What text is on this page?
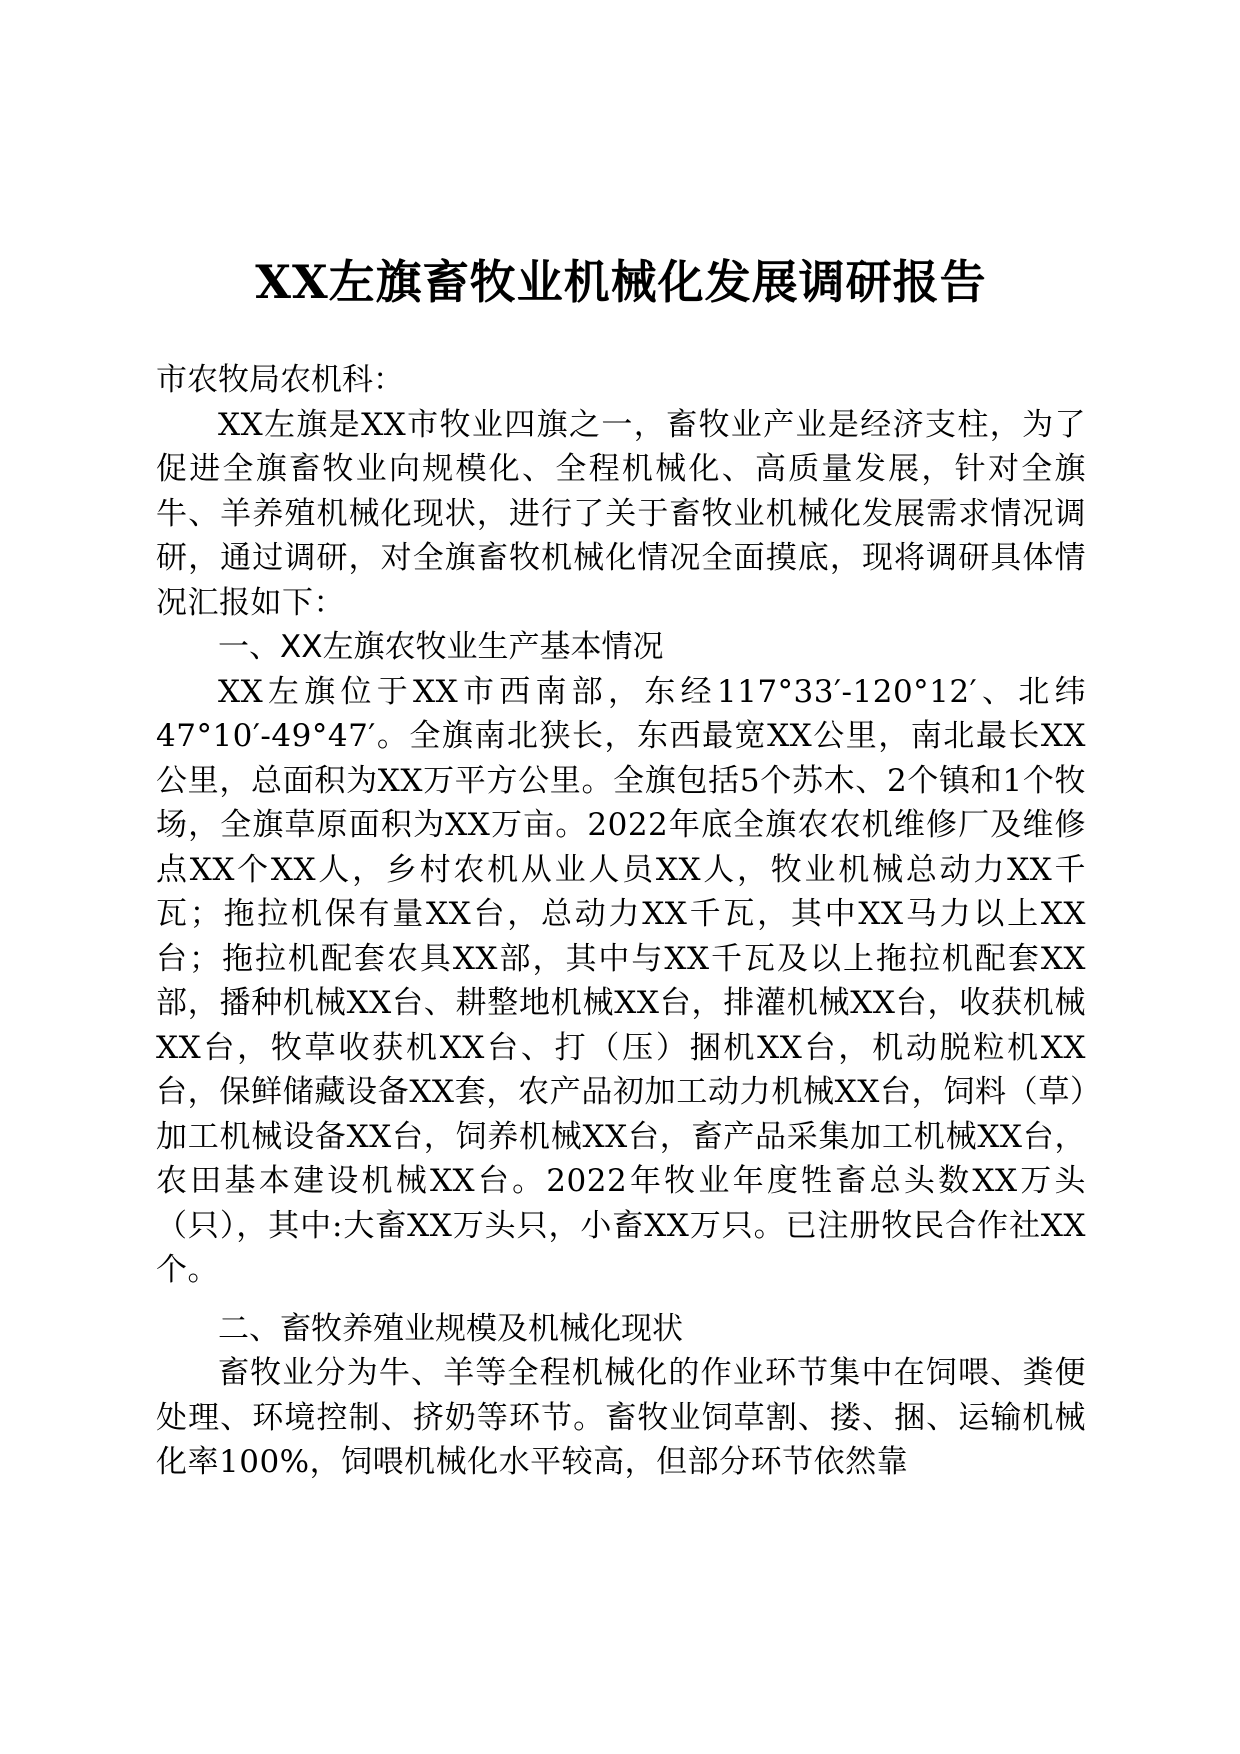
XX左旗畜牧业机械化发展调研报告

市农牧局农机科：

XX左旗是XX市牧业四旗之一，畜牧业产业是经济支柱，为了促进全旗畜牧业向规模化、全程机械化、高质量发展，针对全旗牛、羊养殖机械化现状，进行了关于畜牧业机械化发展需求情况调研，通过调研，对全旗畜牧机械化情况全面摸底，现将调研具体情况汇报如下：

一、XX左旗农牧业生产基本情况

XX左旗位于XX市西南部，东经117°33′-120°12′、北纬47°10′-49°47′。全旗南北狭长，东西最宽XX公里，南北最长XX公里，总面积为XX万平方公里。全旗包括5个苏木、2个镇和1个牧场，全旗草原面积为XX万亩。2022年底全旗农农机维修厂及维修点XX个XX人，乡村农机从业人员XX人，牧业机械总动力XX千瓦；拖拉机保有量XX台，总动力XX千瓦，其中XX马力以上XX台；拖拉机配套农具XX部，其中与XX千瓦及以上拖拉机配套XX部，播种机械XX台、耕整地机械XX台，排灌机械XX台，收获机械XX台，牧草收获机XX台、打（压）捆机XX台，机动脱粒机XX台，保鲜储藏设备XX套，农产品初加工动力机械XX台，饲料（草）加工机械设备XX台，饲养机械XX台，畜产品采集加工机械XX台，农田基本建设机械XX台。2022年牧业年度牲畜总头数XX万头（只），其中:大畜XX万头只，小畜XX万只。已注册牧民合作社XX个。

二、畜牧养殖业规模及机械化现状

畜牧业分为牛、羊等全程机械化的作业环节集中在饲喂、粪便处理、环境控制、挤奶等环节。畜牧业饲草割、搂、捆、运输机械化率100%，饲喂机械化水平较高，但部分环节依然靠
